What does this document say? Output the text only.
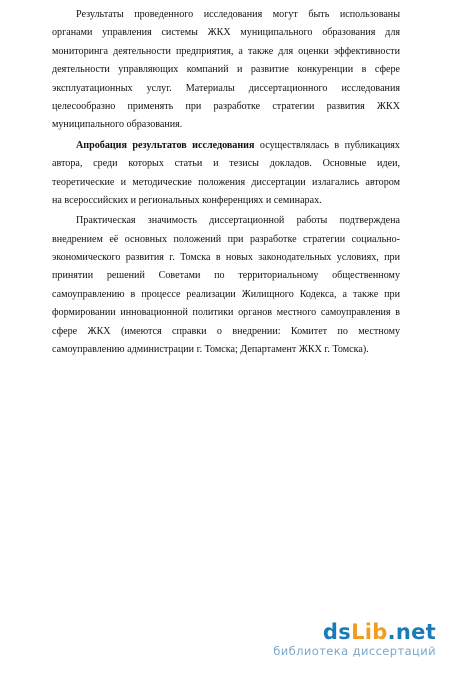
Результаты проведенного исследования могут быть использованы
органами управления системы ЖКХ муниципального образования для
мониторинга деятельности предприятия, а также для оценки эффективности
деятельности управляющих компаний и развитие конкуренции в сфере
эксплуатационных услуг. Материалы диссертационного исследования
целесообразно применять при разработке стратегии развития ЖКХ
муниципального образования.
Апробация результатов исследования осуществлялась в публикациях
автора, среди которых статьи и тезисы докладов. Основные идеи,
теоретические и методические положения диссертации излагались автором
на всероссийских и региональных конференциях и семинарах.
Практическая значимость диссертационной работы подтверждена
внедрением её основных положений при разработке стратегии социально-
экономического развития г. Томска в новых законодательных условиях, при
принятии решений Советами по территориальному общественному
самоуправлению в процессе реализации Жилищного Кодекса, а также при
формировании инновационной политики органов местного самоуправления в
сфере ЖКХ (имеются справки о внедрении: Комитет по местному
самоуправлению администрации г. Томска; Департамент ЖКХ г. Томска).
dsLib.net
библиотека диссертаций
